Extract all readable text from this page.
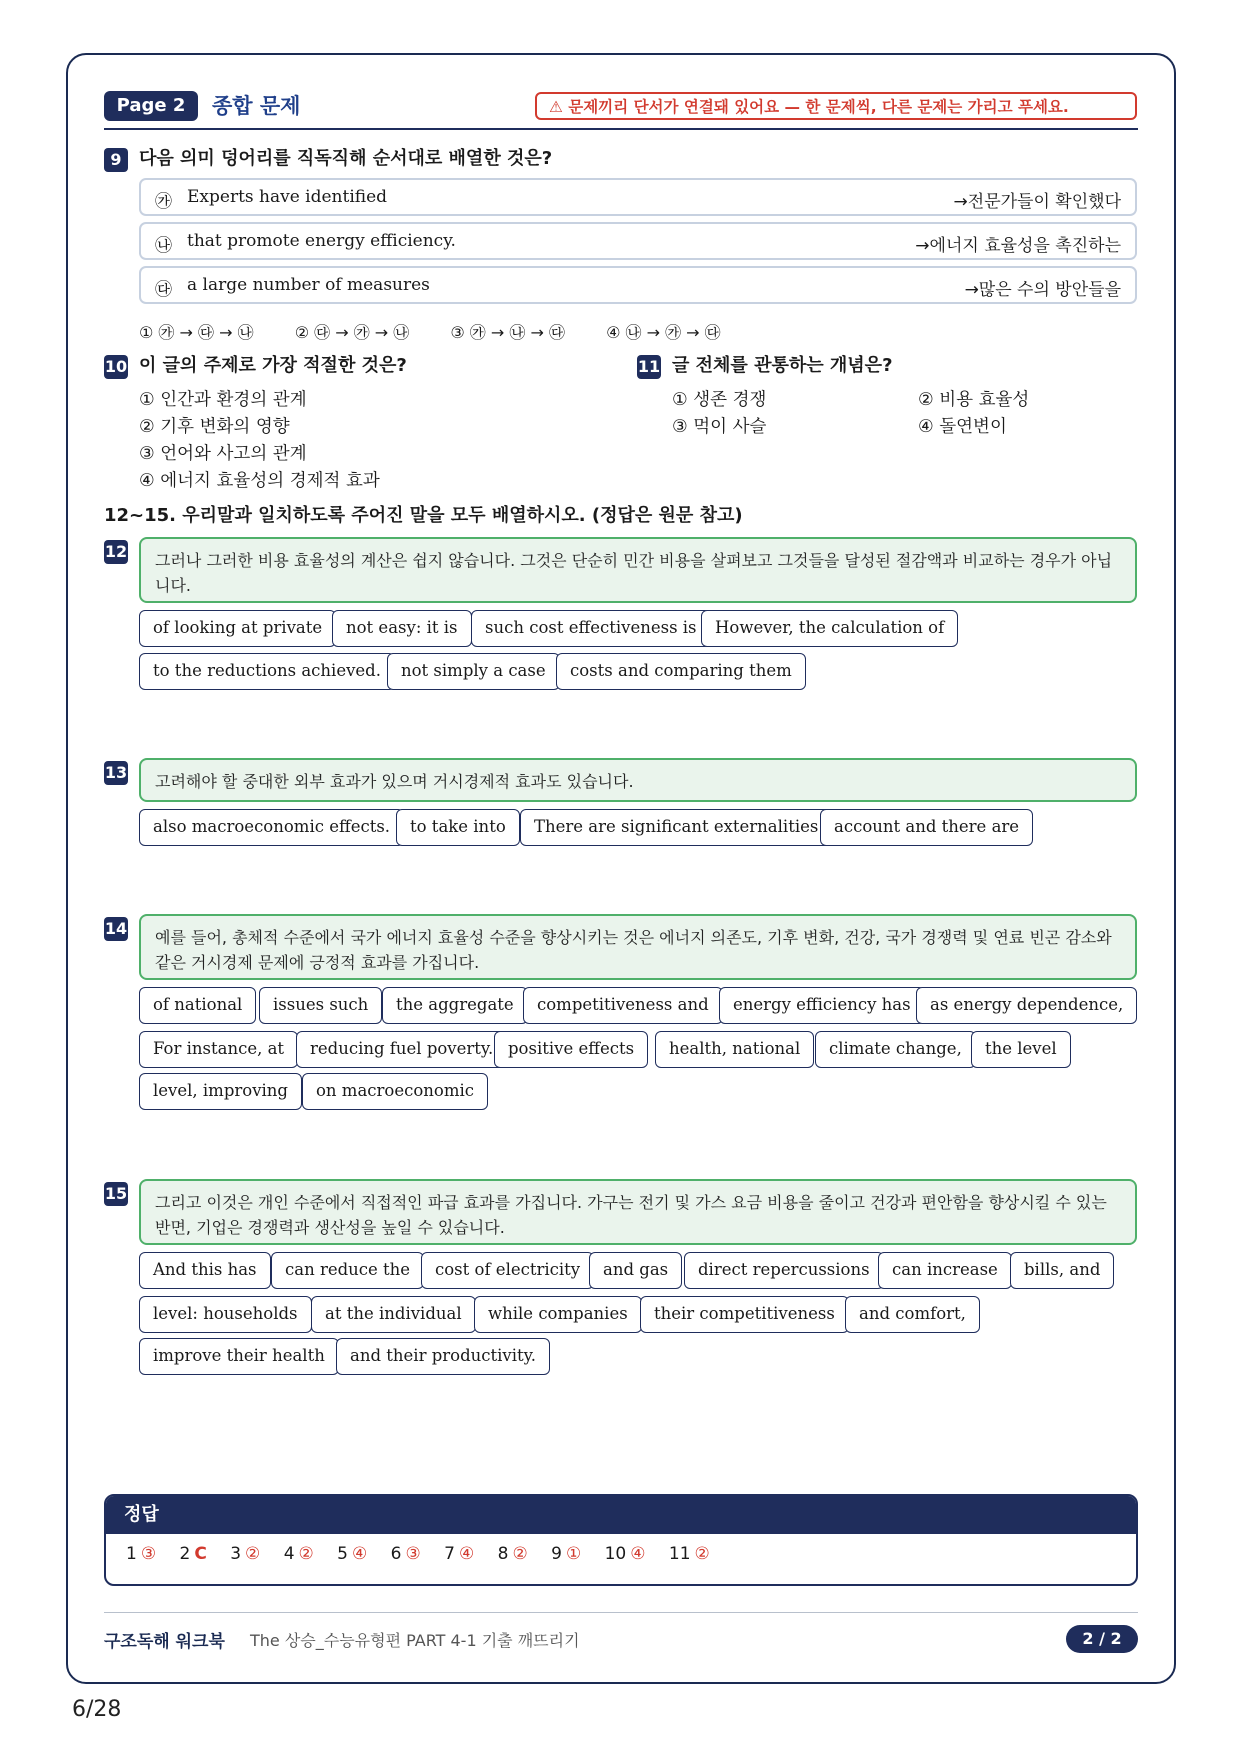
Page 2	종합 문제	⚠ 문제끼리 단서가 연결돼 있어요 — 한 문제씩, 다른 문제는 가리고 푸세요.
9 다음 의미 덩어리를 직독직해 순서대로 배열한 것은?
㉮ Experts have identified	→전문가들이 확인했다
㉯ that promote energy efficiency.	→에너지 효율성을 촉진하는
㉰ a large number of measures	→많은 수의 방안들을
① ㉮ → ㉰ → ㉯	② ㉰ → ㉮ → ㉯	③ ㉮ → ㉯ → ㉰	④ ㉯ → ㉮ → ㉰
10 이 글의 주제로 가장 적절한 것은?
① 인간과 환경의 관계
② 기후 변화의 영향
③ 언어와 사고의 관계
④ 에너지 효율성의 경제적 효과
11 글 전체를 관통하는 개념은?
① 생존 경쟁	② 비용 효율성
③ 먹이 사슬	④ 돌연변이
12~15. 우리말과 일치하도록 주어진 말을 모두 배열하시오. (정답은 원문 참고)
12	그러나 그러한 비용 효율성의 계산은 쉽지 않습니다. 그것은 단순히 민간 비용을 살펴보고 그것들을 달성된 절감액과 비교하는 경우가 아닙니다.
of looking at private	not easy: it is	such cost effectiveness is	However, the calculation of
to the reductions achieved.	not simply a case	costs and comparing them
13	고려해야 할 중대한 외부 효과가 있으며 거시경제적 효과도 있습니다.
also macroeconomic effects.	to take into	There are significant externalities account and there are
14	예를 들어, 총체적 수준에서 국가 에너지 효율성 수준을 향상시키는 것은 에너지 의존도, 기후 변화, 건강, 국가 경쟁력 및 연료 빈곤 감소와 같은 거시경제 문제에 긍정적 효과를 가집니다.
of national	issues such	the aggregate	competitiveness and	energy efficiency has	as energy dependence,
For instance, at	reducing fuel poverty. positive effects	health, national	climate change,	the level
level, improving	on macroeconomic
15	그리고 이것은 개인 수준에서 직접적인 파급 효과를 가집니다. 가구는 전기 및 가스 요금 비용을 줄이고 건강과 편안함을 향상시킬 수 있는 반면, 기업은 경쟁력과 생산성을 높일 수 있습니다.
And this has	can reduce the	cost of electricity	and gas	direct repercussions	can increase	bills, and
level: households	at the individual	while companies	their competitiveness	and comfort,
improve their health	and their productivity.
정답
1 ③ 2 C 3 ② 4 ② 5 ④ 6 ③ 7 ④ 8 ② 9 ① 10 ④ 11 ②
구조독해 워크북 The 상승_수능유형편 PART 4-1 기출 깨뜨리기	2 / 2
6/28
